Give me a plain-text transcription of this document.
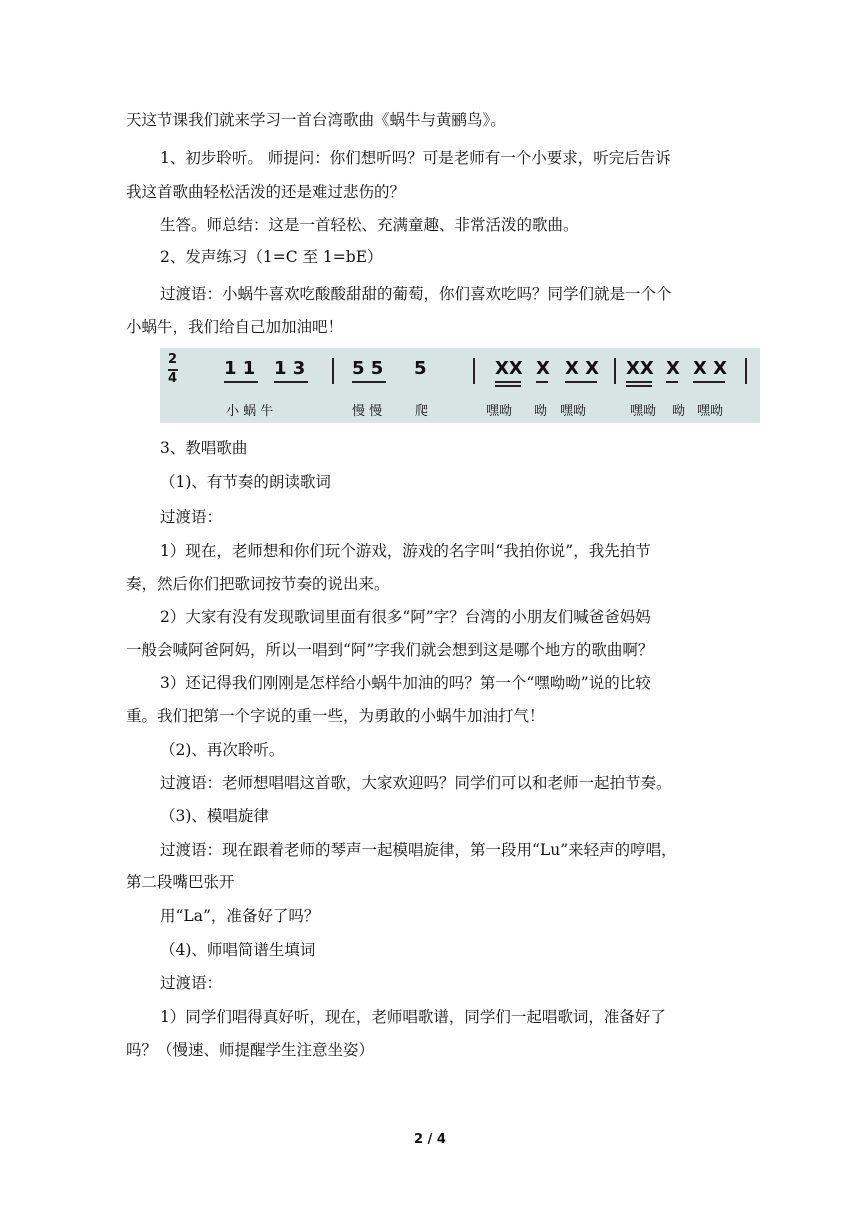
天这节课我们就来学习一首台湾歌曲《蜗牛与黄鹂鸟》。
1、初步聆听。 师提问：你们想听吗？可是老师有一个小要求，听完后告诉
我这首歌曲轻松活泼的还是难过悲伤的？
生答。师总结：这是一首轻松、充满童趣、非常活泼的歌曲。
2、发声练习（1=C 至 1=bE）
过渡语：小蜗牛喜欢吃酸酸甜甜的葡萄，你们喜欢吃吗？同学们就是一个个
小蜗牛，我们给自己加加油吧！
2
4	1 1 1 3	5 5 5	XX X X X XX X X X
小 蜗 牛	慢 慢	爬	嘿呦 呦 嘿呦	嘿呦 呦 嘿呦
3、教唱歌曲
（1)、有节奏的朗读歌词
过渡语：
1）现在，老师想和你们玩个游戏，游戏的名字叫“我拍你说”，我先拍节
奏，然后你们把歌词按节奏的说出来。
2）大家有没有发现歌词里面有很多“阿”字？台湾的小朋友们喊爸爸妈妈
一般会喊阿爸阿妈，所以一唱到“阿”字我们就会想到这是哪个地方的歌曲啊？
3）还记得我们刚刚是怎样给小蜗牛加油的吗？第一个“嘿呦呦”说的比较
重。我们把第一个字说的重一些，为勇敢的小蜗牛加油打气！
（2)、再次聆听。
过渡语：老师想唱唱这首歌，大家欢迎吗？同学们可以和老师一起拍节奏。
（3)、模唱旋律
过渡语：现在跟着老师的琴声一起模唱旋律，第一段用“Lu”来轻声的哼唱，
第二段嘴巴张开
用“La”，准备好了吗？
（4)、师唱简谱生填词
过渡语：
1）同学们唱得真好听，现在，老师唱歌谱，同学们一起唱歌词，准备好了
吗？（慢速、师提醒学生注意坐姿）
2 / 4
